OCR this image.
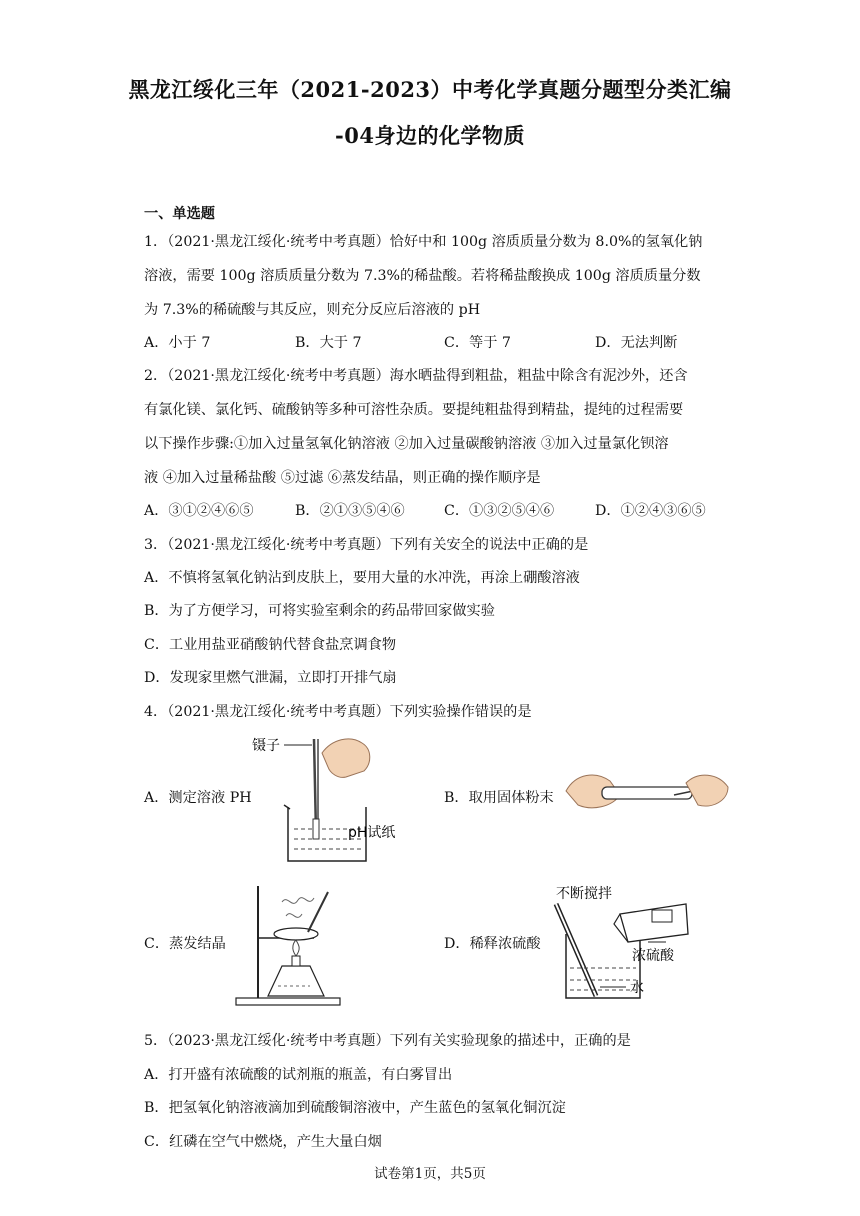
黑龙江绥化三年（2021-2023）中考化学真题分题型分类汇编
-04身边的化学物质
一、单选题
1．（2021·黑龙江绥化·统考中考真题）恰好中和 100g 溶质质量分数为 8.0%的氢氧化钠
溶液，需要 100g 溶质质量分数为 7.3%的稀盐酸。若将稀盐酸换成 100g 溶质质量分数
为 7.3%的稀硫酸与其反应，则充分反应后溶液的 pH
A．小于 7	B．大于 7	C．等于 7	D．无法判断
2．（2021·黑龙江绥化·统考中考真题）海水晒盐得到粗盐，粗盐中除含有泥沙外，还含
有氯化镁、氯化钙、硫酸钠等多种可溶性杂质。要提纯粗盐得到精盐，提纯的过程需要
以下操作步骤:①加入过量氢氧化钠溶液 ②加入过量碳酸钠溶液 ③加入过量氯化钡溶
液 ④加入过量稀盐酸 ⑤过滤 ⑥蒸发结晶，则正确的操作顺序是
A．③①②④⑥⑤	B．②①③⑤④⑥	C．①③②⑤④⑥	D．①②④③⑥⑤
3．（2021·黑龙江绥化·统考中考真题）下列有关安全的说法中正确的是
A．不慎将氢氧化钠沾到皮肤上，要用大量的水冲洗，再涂上硼酸溶液
B．为了方便学习，可将实验室剩余的药品带回家做实验
C．工业用盐亚硝酸钠代替食盐烹调食物
D．发现家里燃气泄漏，立即打开排气扇
4．（2021·黑龙江绥化·统考中考真题）下列实验操作错误的是
A．测定溶液 PH	B．取用固体粉末
C．蒸发结晶	D．稀释浓硫酸
镊子
pH试纸
不断搅拌
浓硫酸
水
5．（2023·黑龙江绥化·统考中考真题）下列有关实验现象的描述中，正确的是
A．打开盛有浓硫酸的试剂瓶的瓶盖，有白雾冒出
B．把氢氧化钠溶液滴加到硫酸铜溶液中，产生蓝色的氢氧化铜沉淀
C．红磷在空气中燃烧，产生大量白烟
试卷第1页，共5页
